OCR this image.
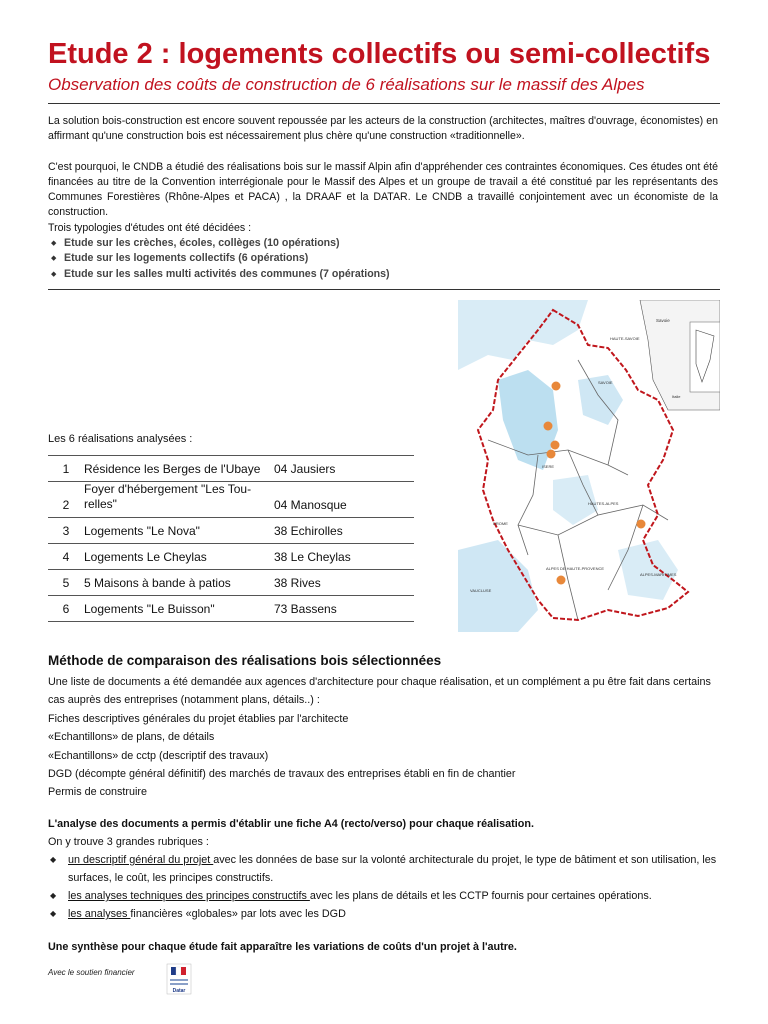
Etude 2 : logements collectifs ou semi-collectifs
Observation des coûts de construction de 6 réalisations sur le massif des Alpes

La solution bois-construction est encore souvent repoussée par les acteurs de la construction (architectes, maîtres d'ouvrage, économistes) en affirmant qu'une construction bois est nécessairement plus chère qu'une construction «traditionnelle».

C'est pourquoi, le CNDB a étudié des réalisations bois sur le massif Alpin afin d'appréhender ces contraintes économiques. Ces études ont été financées au titre de la Convention interrégionale pour le Massif des Alpes et un groupe de travail a été constitué par les représentants des Communes Forestières (Rhône-Alpes et PACA) , la DRAAF et la DATAR. Le CNDB a travaillé conjointement avec un économiste de la construction.

Trois typologies d'études ont été décidées :

◆ Etude sur les crèches, écoles, collèges (10 opérations)
◆ Etude sur les logements collectifs (6 opérations)
◆ Etude sur les salles multi activités des communes (7 opérations)
Les 6 réalisations analysées :
1	Résidence les Berges de l'Ubaye	04 Jausiers
2	Foyer d'hébergement "Les Tou-relles"	04 Manosque
3	Logements "Le Nova"	38 Echirolles
4	Logements Le Cheylas	38 Le Cheylas
5	5 Maisons à bande à patios	38 Rives
6	Logements "Le Buisson"	73 Bassens
Savoie
HAUTE-SAVOIE
SAVOIE
ISERE
DROME
HAUTES-ALPES
ALPES DE HAUTE-PROVENCE
ALPES-MARITIMES
VAUCLUSE
Italie
Méthode de comparaison des réalisations bois sélectionnées

Une liste de documents a été demandée aux agences d'architecture pour chaque réalisation, et un complément a pu être fait dans certains cas auprès des entreprises (notamment plans, détails..) :

Fiches descriptives générales du projet établies par l'architecte

«Echantillons» de plans, de détails

«Echantillons» de cctp (descriptif des travaux)

DGD (décompte général définitif) des marchés de travaux des entreprises établi en fin de chantier

Permis de construire

L'analyse des documents a permis d'établir une fiche A4 (recto/verso) pour chaque réalisation.

On y trouve 3 grandes rubriques :

◆ un descriptif général du projet avec les données de base sur la volonté architecturale du projet, le type de bâtiment et son utilisation, les surfaces, le coût, les principes constructifs.
◆ les analyses techniques des principes constructifs avec les plans de détails et les CCTP fournis pour certaines opérations.
◆ les analyses financières «globales» par lots avec les DGD
Une synthèse pour chaque étude fait apparaître les variations de coûts d'un projet à l'autre.
Avec le soutien financier
Datar
